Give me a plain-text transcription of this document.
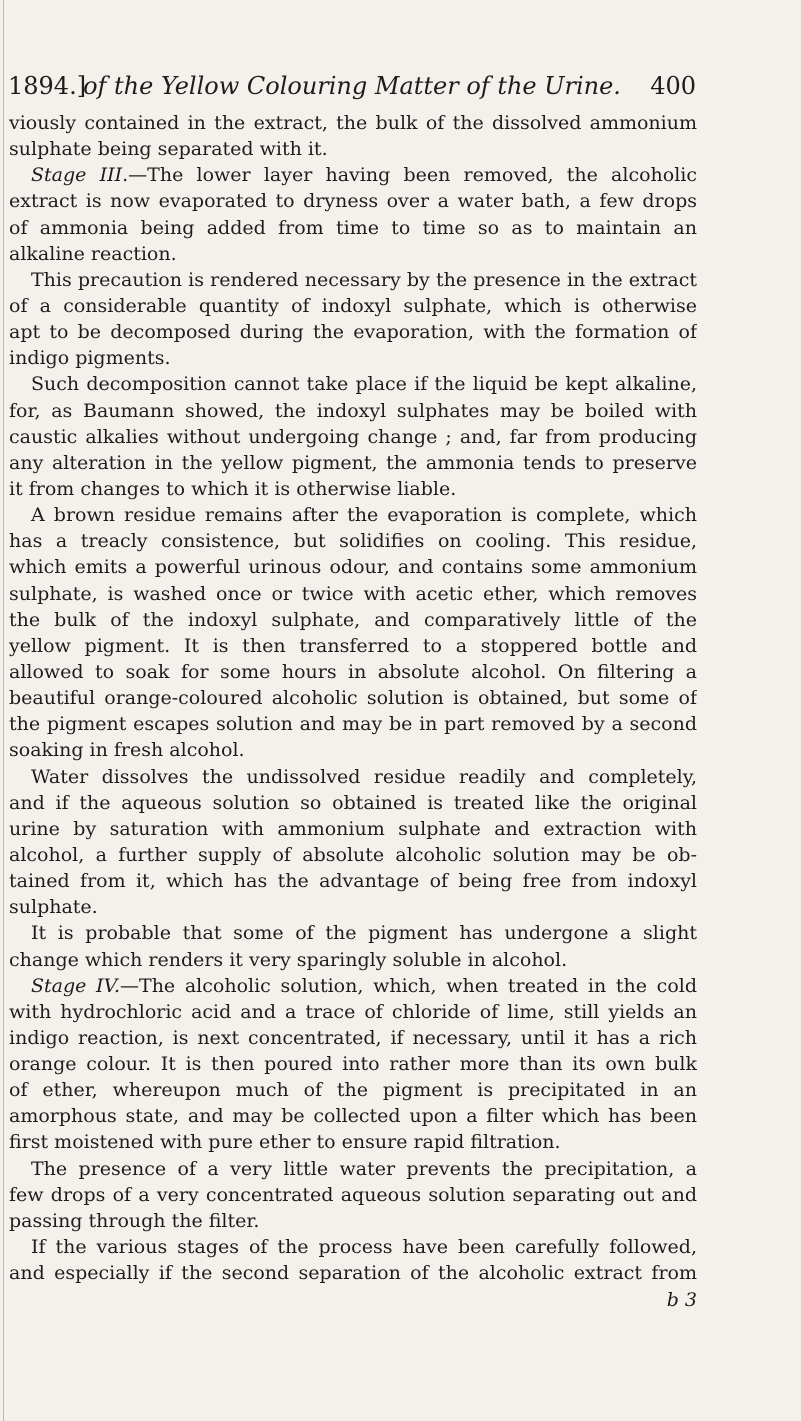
1894.]
of the Yellow Colouring Matter of the Urine.	400
viously contained in the extract, the bulk of the dissolved ammonium
sulphate being separated with it.
Stage III.—The lower layer having been removed, the alcoholic
extract is now evaporated to dryness over a water bath, a few drops
of ammonia being added from time to time so as to maintain an
alkaline reaction.
This precaution is rendered necessary by the presence in the extract
of a considerable quantity of indoxyl sulphate, which is otherwise
apt to be decomposed during the evaporation, with the formation of
indigo pigments.
Such decomposition cannot take place if the liquid be kept alkaline,
for, as Baumann showed, the indoxyl sulphates may be boiled with
caustic alkalies without undergoing change ; and, far from producing
any alteration in the yellow pigment, the ammonia tends to preserve
it from changes to which it is otherwise liable.
A brown residue remains after the evaporation is complete, which
has a treacly consistence, but solidifies on cooling. This residue,
which emits a powerful urinous odour, and contains some ammonium
sulphate, is washed once or twice with acetic ether, which removes
the bulk of the indoxyl sulphate, and comparatively little of the
yellow pigment. It is then transferred to a stoppered bottle and
allowed to soak for some hours in absolute alcohol. On filtering a
beautiful orange-coloured alcoholic solution is obtained, but some of
the pigment escapes solution and may be in part removed by a second
soaking in fresh alcohol.
Water dissolves the undissolved residue readily and completely,
and if the aqueous solution so obtained is treated like the original
urine by saturation with ammonium sulphate and extraction with
alcohol, a further supply of absolute alcoholic solution may be ob-
tained from it, which has the advantage of being free from indoxyl
sulphate.
It is probable that some of the pigment has undergone a slight
change which renders it very sparingly soluble in alcohol.
Stage IV.—The alcoholic solution, which, when treated in the cold
with hydrochloric acid and a trace of chloride of lime, still yields an
indigo reaction, is next concentrated, if necessary, until it has a rich
orange colour. It is then poured into rather more than its own bulk
of ether, whereupon much of the pigment is precipitated in an
amorphous state, and may be collected upon a filter which has been
first moistened with pure ether to ensure rapid filtration.
The presence of a very little water prevents the precipitation, a
few drops of a very concentrated aqueous solution separating out and
passing through the filter.
If the various stages of the process have been carefully followed,
and especially if the second separation of the alcoholic extract from
b 3
